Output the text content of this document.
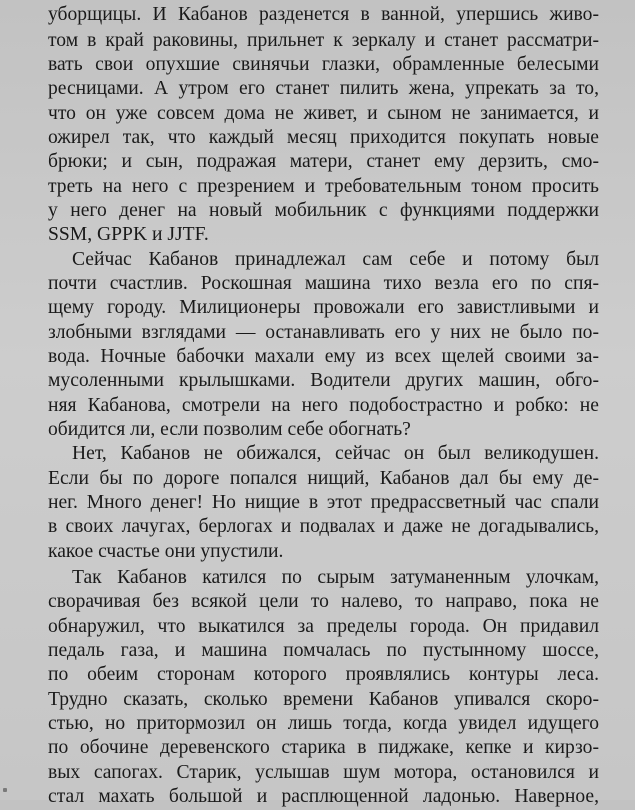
уборщицы. И Кабанов разденется в ванной, упершись живо-
том в край раковины, прильнет к зеркалу и станет рассматри-
вать свои опухшие свинячьи глазки, обрамленные белесыми
ресницами. А утром его станет пилить жена, упрекать за то,
что он уже совсем дома не живет, и сыном не занимается, и
ожирел так, что каждый месяц приходится покупать новые
брюки; и сын, подражая матери, станет ему дерзить, смо-
треть на него с презрением и требовательным тоном просить
у него денег на новый мобильник с функциями поддержки
SSM, GPPK и JJTF.
Сейчас Кабанов принадлежал сам себе и потому был
почти счастлив. Роскошная машина тихо везла его по спя-
щему городу. Милиционеры провожали его завистливыми и
злобными взглядами — останавливать его у них не было по-
вода. Ночные бабочки махали ему из всех щелей своими за-
мусоленными крылышками. Водители других машин, обго-
няя Кабанова, смотрели на него подобострастно и робко: не
обидится ли, если позволим себе обогнать?
Нет, Кабанов не обижался, сейчас он был великодушен.
Если бы по дороге попался нищий, Кабанов дал бы ему де-
нег. Много денег! Но нищие в этот предрассветный час спали
в своих лачугах, берлогах и подвалах и даже не догадывались,
какое счастье они упустили.
Так Кабанов катился по сырым затуманенным улочкам,
сворачивая без всякой цели то налево, то направо, пока не
обнаружил, что выкатился за пределы города. Он придавил
педаль газа, и машина помчалась по пустынному шоссе,
по обеим сторонам которого проявлялись контуры леса.
Трудно сказать, сколько времени Кабанов упивался скоро-
стью, но притормозил он лишь тогда, когда увидел идущего
по обочине деревенского старика в пиджаке, кепке и кирзо-
вых сапогах. Старик, услышав шум мотора, остановился и
стал махать большой и расплющенной ладонью. Наверное,
